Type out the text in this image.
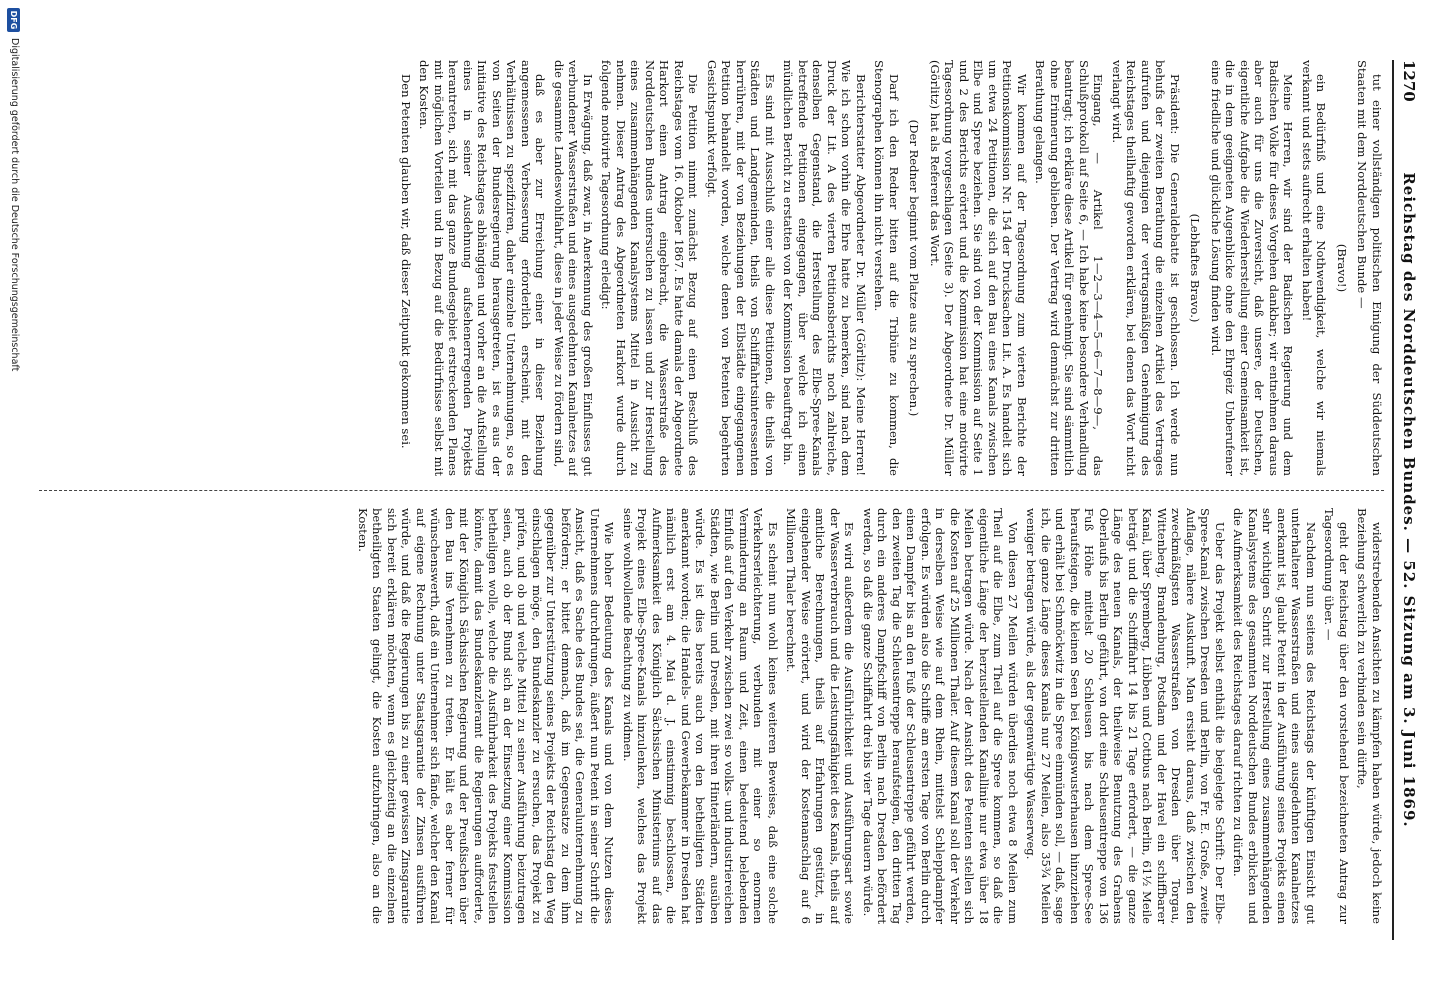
1270
Reichstag des Norddeutschen Bundes. — 52. Sitzung am 3. Juni 1869.

tut einer vollständigen politischen Einigung der Süddeutschen Staaten mit dem Norddeutschen Bunde —

(Bravo!)

ein Bedürfniß und eine Nothwendigkeit, welche wir niemals verkannt und stets aufrecht erhalten haben!

Meine Herren, wir sind der Badischen Regierung und dem Badischen Volke für dieses Vorgehen dankbar; wir entnehmen daraus aber auch für uns die Zuversicht, daß unsere, der Deutschen, eigentliche Aufgabe die Wiederherstellung einer Gemeinsamkeit ist, die in dem geeigneten Augenblicke ohne den Ehrgeiz Unberufener eine friedliche und glückliche Lösung finden wird.

(Lebhaftes Bravo.)

Präsident: Die Generaldebatte ist geschlossen. Ich werde nun behufs der zweiten Berathung die einzelnen Artikel des Vertrages aufrufen und diejenigen der vertragsmäßigen Genehmigung des Reichstages theilhaftig geworden erklären, bei denen das Wort nicht verlangt wird.

Eingang, — Artikel 1—2—3—4—5—6—7—8—9—, das Schlußprotokoll auf Seite 6, — Ich habe keine besondere Verhandlung beantragt; ich erkläre diese Artikel für genehmigt. Sie sind sämmtlich ohne Erinnerung geblieben. Der Vertrag wird demnächst zur dritten Berathung gelangen.

Wir kommen auf der Tagesordnung zum vierten Berichte der Petitionskommission Nr. 154 der Drucksachen Lit. A. Es handelt sich um etwa 24 Petitionen, die sich auf den Bau eines Kanals zwischen Elbe und Spree beziehen. Sie sind von der Kommission auf Seite 1 und 2 des Berichts erörtert und die Kommission hat eine motivirte Tagesordnung vorgeschlagen (Seite 3). Der Abgeordnete Dr. Müller (Görlitz) hat als Referent das Wort.

(Der Redner beginnt vom Platze aus zu sprechen.)

Darf ich den Redner bitten auf die Tribüne zu kommen, die Stenographen können ihn nicht verstehen.

Berichterstatter Abgeordneter Dr. Müller (Görlitz): Meine Herren! Wie ich schon vorhin die Ehre hatte zu bemerken, sind nach dem Druck der Lit. A des vierten Petitionsberichts noch zahlreiche, denselben Gegenstand, die Herstellung des Elbe-Spree-Kanals betreffende Petitionen eingegangen, über welche ich einen mündlichen Bericht zu erstatten von der Kommission beauftragt bin.

Es sind mit Ausschluß einer alle diese Petitionen, die theils von Städten und Landgemeinden, theils von Schifffahrtsinteressenten herrühren, mit der von Beziehungen der Elbstädte eingegangenen Petition behandelt worden, welche denen von Petenten begehrten Gesichtspunkt verfolgt.

Die Petition nimmt zunächst Bezug auf einen Beschluß des Reichstages vom 16. Oktober 1867. Es hatte damals der Abgeordnete Harkort einen Antrag eingebracht, die Wasserstraße des Norddeutschen Bundes untersuchen zu lassen und zur Herstellung eines zusammenhängenden Kanalsystems Mittel in Aussicht zu nehmen. Dieser Antrag des Abgeordneten Harkort wurde durch folgende motivirte Tagesordnung erledigt:

In Erwägung, daß zwar, in Anerkennung des großen Einflusses gut verbundener Wasserstraßen und eines ausgedehnten Kanalnetzes auf die gesammte Landeswohlfahrt, diese in jeder Weise zu fördern sind,

daß es aber zur Erreichung einer in dieser Beziehung angemessenen Verbesserung erforderlich erscheint, mit den Verhältnissen zu spezifiziren, daher einzelne Unternehmungen, so es von Seiten der Bundesregierung herausgetreten, ist es aus der Initiative des Reichstages abhängigen und vorher an die Aufstellung eines in seiner Ausdehnung aufsehenerregenden Projekts herantreten, sich mit das ganze Bundesgebiet erstreckenden Planes mit möglichen Vorteilen und in Bezug auf die Bedürfnisse selbst mit den Kosten.

Den Petenten glauben wir, daß dieser Zeitpunkt gekommen sei.

widerstrebenden Ansichten zu kämpfen haben würde, jedoch keine Beziehung schwerlich zu verbinden sein dürfte,

geht der Reichstag über den vorstehend bezeichneten Antrag zur Tagesordnung über. —

Nachdem nun seitens des Reichstags der künftigen Einsicht gut unterhaltener Wasserstraßen und eines ausgedehnten Kanalnetzes anerkannt ist, glaubt Petent in der Ausführung seines Projekts einen sehr wichtigen Schritt zur Herstellung eines zusammenhängenden Kanalsystems des gesammten Norddeutschen Bundes erblicken und die Aufmerksamkeit des Reichstages darauf richten zu dürfen.

Ueber das Projekt selbst enthält die beigelegte Schrift: Der Elbe-Spree-Kanal zwischen Dresden und Berlin, von Fr. E. Große, zweite Auflage, nähere Auskunft. Man ersieht daraus, daß zwischen den zweckmäßigsten Wasserstraßen von Dresden über Torgau, Wittenberg, Brandenburg, Potsdam und der Havel ein schiffbarer Kanal, über Spremberg, Lübben und Cottbus nach Berlin, 61½ Meile beträgt und die Schifffahrt 14 bis 21 Tage erfordert, — die ganze Länge des neuen Kanals, der theilweise Benutzung des Grabens Oberlaufs bis Berlin geführt, von dort eine Schleusentreppe von 136 Fuß Höhe mittelst 20 Schleusen bis nach dem Spree-See heraufsteigen, die kleinen Seen bei Königswusterhausen hinzuziehen und erhält bei Schmöckwitz in die Spree einmünden soll, — daß, sage ich, die ganze Länge dieses Kanals nur 27 Meilen, also 35¾ Meilen weniger betragen würde, als der gegenwärtige Wasserweg.

Von diesen 27 Meilen würden überdies noch etwa 8 Meilen zum Theil auf die Elbe, zum Theil auf die Spree kommen, so daß die eigentliche Länge der herzustellenden Kanallinie nur etwa über 18 Meilen betragen würde. Nach der Ansicht des Petenten stellen sich die Kosten auf 25 Millionen Thaler. Auf diesem Kanal soll der Verkehr in derselben Weise wie auf dem Rhein, mittelst Schleppdampfer erfolgen. Es würden also die Schiffe am ersten Tage von Berlin durch einen Dampfer bis an den Fuß der Schleusentreppe geführt werden, den zweiten Tag die Schleusentreppe heraufsteigen, den dritten Tag durch ein anderes Dampfschiff von Berlin nach Dresden befördert werden, so daß die ganze Schiffahrt drei bis vier Tage dauern würde.

Es wird außerdem die Ausführlichkeit und Ausführungsart sowie der Wasserverbrauch und die Leistungsfähigkeit des Kanals, theils auf amtliche Berechnungen, theils auf Erfahrungen gestützt, in eingehender Weise erörtert, und wird der Kostenanschlag auf 6 Millionen Thaler berechnet.

Es scheint nun wohl keines weiteren Beweises, daß eine solche Verkehrserleichterung, verbunden mit einer so enormen Verminderung an Raum und Zeit, einen bedeutend belebenden Einfluß auf den Verkehr zwischen zwei so volks- und industriereichen Städten, wie Berlin und Dresden, mit ihren Hinterländern, ausüben würde. Es ist dies bereits auch von den betheiligten Städten anerkannt worden; die Handels- und Gewerbekammer in Dresden hat nämlich erst am 4. Mai d. J. einstimmig beschlossen, die Aufmerksamkeit des Königlich Sächsischen Ministeriums auf das Projekt eines Elbe-Spree-Kanals hinzulenken, welches das Projekt seine wohlwollende Beachtung zu widmen.

Wie hoher Bedeutung des Kanals und von dem Nutzen dieses Unternehmens durchdrungen, äußert nun Petent in seiner Schrift die Ansicht, daß es Sache des Bundes sei, die Generalunternehmung zu befördern; er bittet demnach, daß im Gegensatze zu dem ihm gegenüber zur Unterstützung seines Projekts der Reichstag den Weg einschlagen möge, den Bundeskanzler zu ersuchen, das Projekt zu prüfen, und ob und welche Mittel zu seiner Ausführung beizutragen seien, auch ob der Bund sich an der Einsetzung einer Kommission betheiligen wolle, welche die Ausführbarkeit des Projekts feststellen könnte, damit das Bundeskanzleramt die Regierungen aufforderte, mit der Königlich Sächsischen Regierung und der Preußischen über den Bau ins Vernehmen zu treten. Er hält es aber ferner für wünschenswerth, daß ein Unternehmer sich fände, welcher den Kanal auf eigene Rechnung unter Staatsgarantie der Zinsen ausführen würde, und daß die Regierungen bis zu einer gewissen Zinsgarantie sich bereit erklären möchten, wenn es gleichzeitig an die einzelnen betheiligten Staaten gelingt, die Kosten aufzubringen, also an die Kosten.

DFG
Digitalisierung gefördert durch die Deutsche Forschungsgemeinschaft
